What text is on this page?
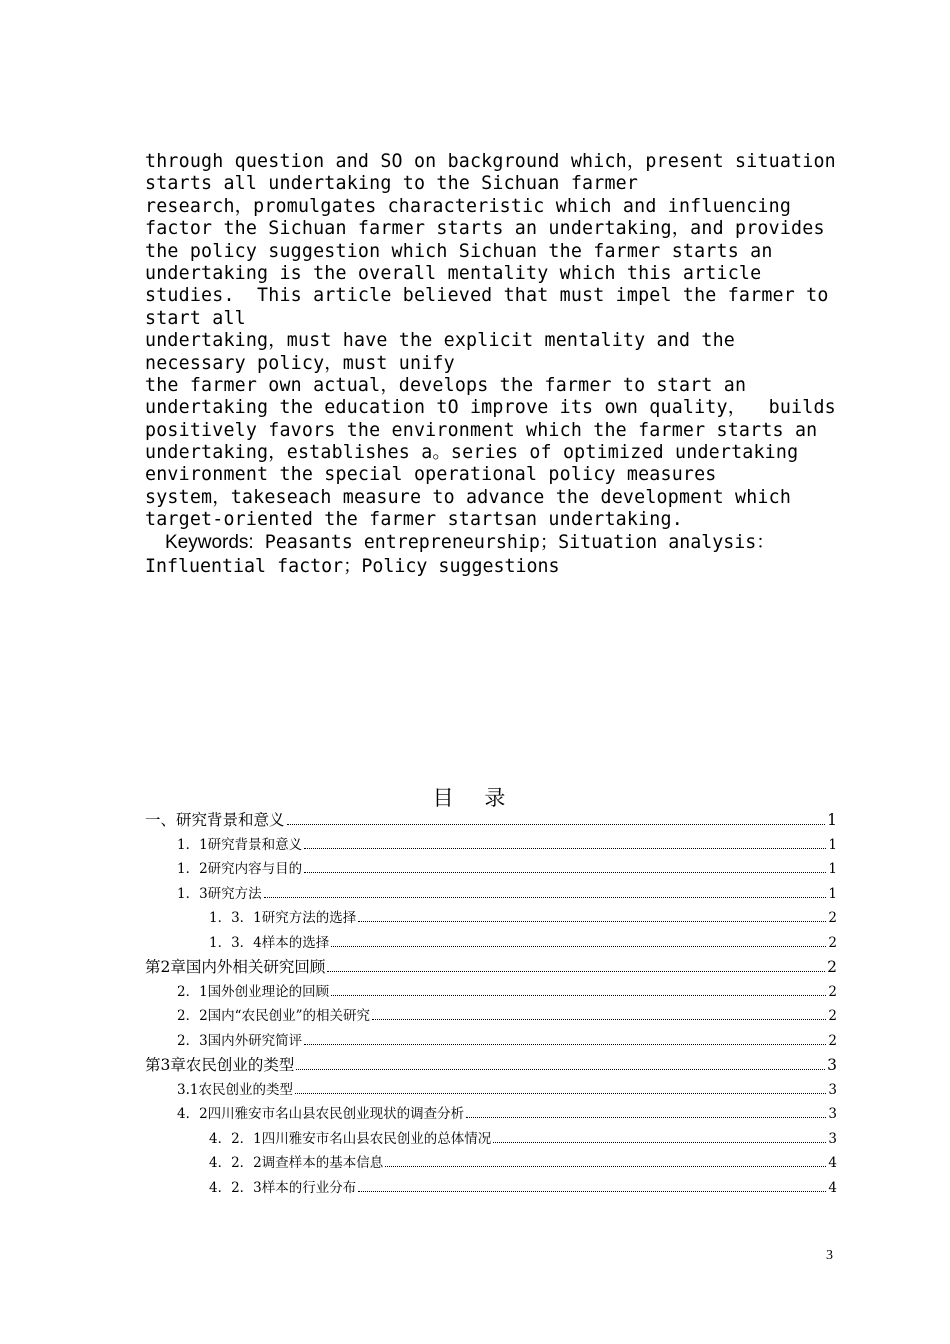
through question and SO on background which，present situation
starts all undertaking to the Sichuan farmer
research，promulgates characteristic which and influencing
factor the Sichuan farmer starts an undertaking，and provides
the policy suggestion which Sichuan the farmer starts an
undertaking is the overall mentality which this article
studies.  This article believed that must impel the farmer to
start all
undertaking，must have the explicit mentality and the
necessary policy，must unify
the farmer own actual，develops the farmer to start an
undertaking the education tO improve its own quality，  builds
positively favors the environment which the farmer starts an
undertaking，establishes a。series of optimized undertaking
environment the special operational policy measures
system，takeseach measure to advance the development which
target-oriented the farmer startsan undertaking.
Keywords: Peasants entrepreneurship；Situation analysis：
Influential factor；Policy suggestions
目 录
一、研究背景和意义	1
1．1研究背景和意义	1
1．2研究内容与目的	1
1．3研究方法	1
1．3．1研究方法的选择	2
1．3．4样本的选择	2
第2章国内外相关研究回顾	2
2．1国外创业理论的回顾	2
2．2国内“农民创业”的相关研究	2
2．3国内外研究简评	2
第3章农民创业的类型	3
3.1农民创业的类型	3
4．2四川雅安市名山县农民创业现状的调查分析	3
4．2．1四川雅安市名山县农民创业的总体情况	3
4．2．2调查样本的基本信息	4
4．2．3样本的行业分布	4
3
